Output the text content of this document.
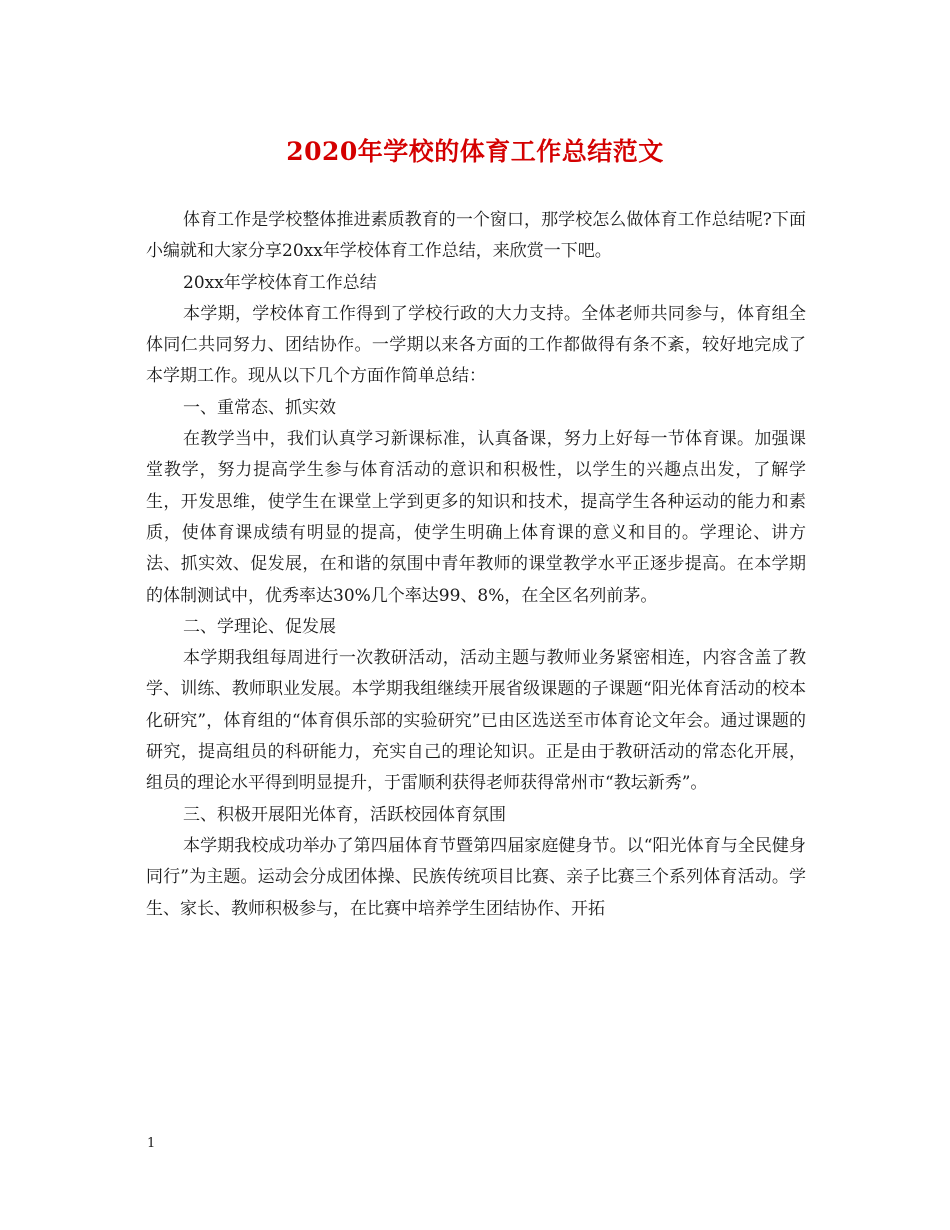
2020年学校的体育工作总结范文

体育工作是学校整体推进素质教育的一个窗口，那学校怎么做体育工作总结呢?下面小编就和大家分享20xx年学校体育工作总结，来欣赏一下吧。

20xx年学校体育工作总结

本学期，学校体育工作得到了学校行政的大力支持。全体老师共同参与，体育组全体同仁共同努力、团结协作。一学期以来各方面的工作都做得有条不紊，较好地完成了本学期工作。现从以下几个方面作简单总结：

一、重常态、抓实效

在教学当中，我们认真学习新课标准，认真备课，努力上好每一节体育课。加强课堂教学，努力提高学生参与体育活动的意识和积极性，以学生的兴趣点出发，了解学生，开发思维，使学生在课堂上学到更多的知识和技术，提高学生各种运动的能力和素质，使体育课成绩有明显的提高，使学生明确上体育课的意义和目的。学理论、讲方法、抓实效、促发展，在和谐的氛围中青年教师的课堂教学水平正逐步提高。在本学期的体制测试中，优秀率达30%几个率达99、8%，在全区名列前茅。

二、学理论、促发展

本学期我组每周进行一次教研活动，活动主题与教师业务紧密相连，内容含盖了教学、训练、教师职业发展。本学期我组继续开展省级课题的子课题“阳光体育活动的校本化研究”，体育组的“体育俱乐部的实验研究”已由区选送至市体育论文年会。通过课题的研究，提高组员的科研能力，充实自己的理论知识。正是由于教研活动的常态化开展，组员的理论水平得到明显提升，于雷顺利获得老师获得常州市“教坛新秀”。

三、积极开展阳光体育，活跃校园体育氛围

本学期我校成功举办了第四届体育节暨第四届家庭健身节。以“阳光体育与全民健身同行”为主题。运动会分成团体操、民族传统项目比赛、亲子比赛三个系列体育活动。学生、家长、教师积极参与，在比赛中培养学生团结协作、开拓

1
